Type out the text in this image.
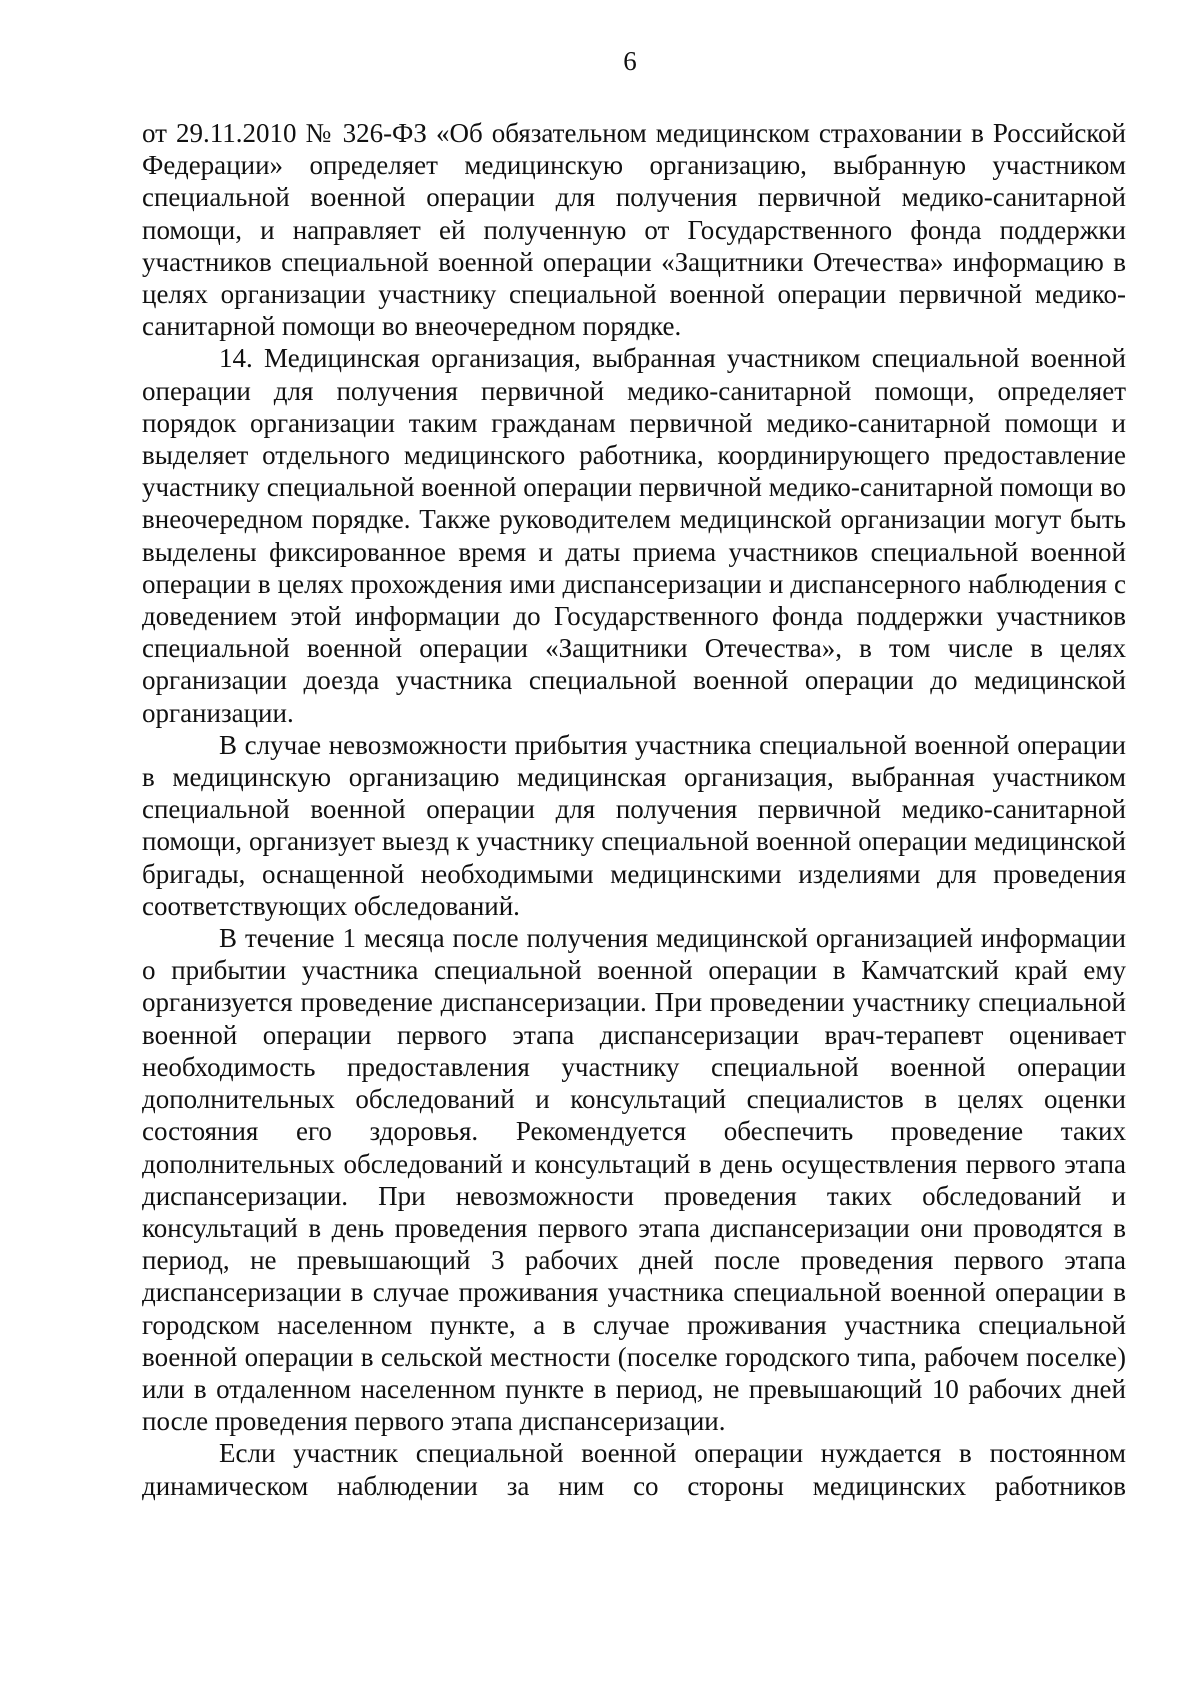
6

от 29.11.2010 № 326-ФЗ «Об обязательном медицинском страховании в Российской Федерации» определяет медицинскую организацию, выбранную участником специальной военной операции для получения первичной медико-санитарной помощи, и направляет ей полученную от Государственного фонда поддержки участников специальной военной операции «Защитники Отечества» информацию в целях организации участнику специальной военной операции первичной медико-санитарной помощи во внеочередном порядке.

14. Медицинская организация, выбранная участником специальной военной операции для получения первичной медико-санитарной помощи, определяет порядок организации таким гражданам первичной медико-санитарной помощи и выделяет отдельного медицинского работника, координирующего предоставление участнику специальной военной операции первичной медико-санитарной помощи во внеочередном порядке. Также руководителем медицинской организации могут быть выделены фиксированное время и даты приема участников специальной военной операции в целях прохождения ими диспансеризации и диспансерного наблюдения с доведением этой информации до Государственного фонда поддержки участников специальной военной операции «Защитники Отечества», в том числе в целях организации доезда участника специальной военной операции до медицинской организации.

В случае невозможности прибытия участника специальной военной операции в медицинскую организацию медицинская организация, выбранная участником специальной военной операции для получения первичной медико-санитарной помощи, организует выезд к участнику специальной военной операции медицинской бригады, оснащенной необходимыми медицинскими изделиями для проведения соответствующих обследований.

В течение 1 месяца после получения медицинской организацией информации о прибытии участника специальной военной операции в Камчатский край ему организуется проведение диспансеризации. При проведении участнику специальной военной операции первого этапа диспансеризации врач-терапевт оценивает необходимость предоставления участнику специальной военной операции дополнительных обследований и консультаций специалистов в целях оценки состояния его здоровья. Рекомендуется обеспечить проведение таких дополнительных обследований и консультаций в день осуществления первого этапа диспансеризации. При невозможности проведения таких обследований и консультаций в день проведения первого этапа диспансеризации они проводятся в период, не превышающий 3 рабочих дней после проведения первого этапа диспансеризации в случае проживания участника специальной военной операции в городском населенном пункте, а в случае проживания участника специальной военной операции в сельской местности (поселке городского типа, рабочем поселке) или в отдаленном населенном пункте в период, не превышающий 10 рабочих дней после проведения первого этапа диспансеризации.

Если участник специальной военной операции нуждается в постоянном динамическом наблюдении за ним со стороны медицинских работников
